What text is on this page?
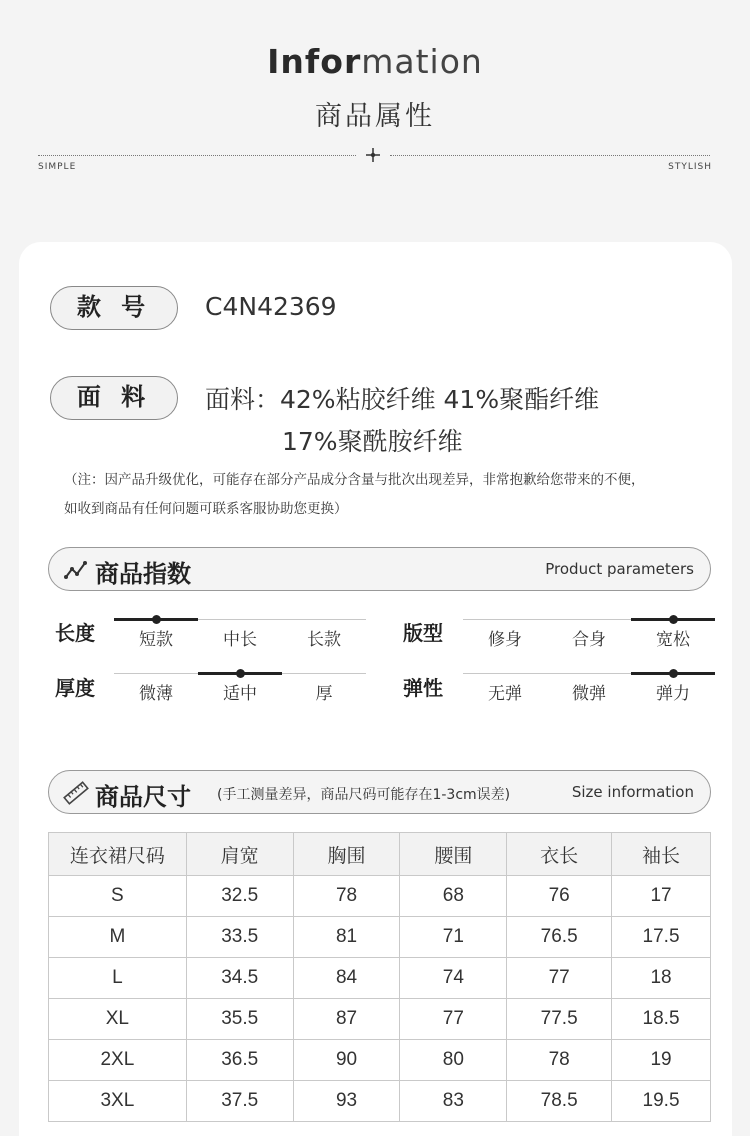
Information
商品属性
SIMPLE	STYLISH
款 号	C4N42369
面 料	面料：42%粘胶纤维 41%聚酯纤维
17%聚酰胺纤维
（注：因产品升级优化，可能存在部分产品成分含量与批次出现差异，非常抱歉给您带来的不便，
如收到商品有任何问题可联系客服协助您更换）
商品指数	Product parameters
长度	短款	中长	长款	版型	修身	合身	宽松
厚度	微薄	适中	厚	弹性	无弹	微弹	弹力
商品尺寸 (手工测量差异，商品尺码可能存在1-3cm误差)	Size information
连衣裙尺码	肩宽	胸围	腰围	衣长	袖长
S	32.5	78	68	76	17
M	33.5	81	71	76.5	17.5
L	34.5	84	74	77	18
XL	35.5	87	77	77.5	18.5
2XL	36.5	90	80	78	19
3XL	37.5	93	83	78.5	19.5
